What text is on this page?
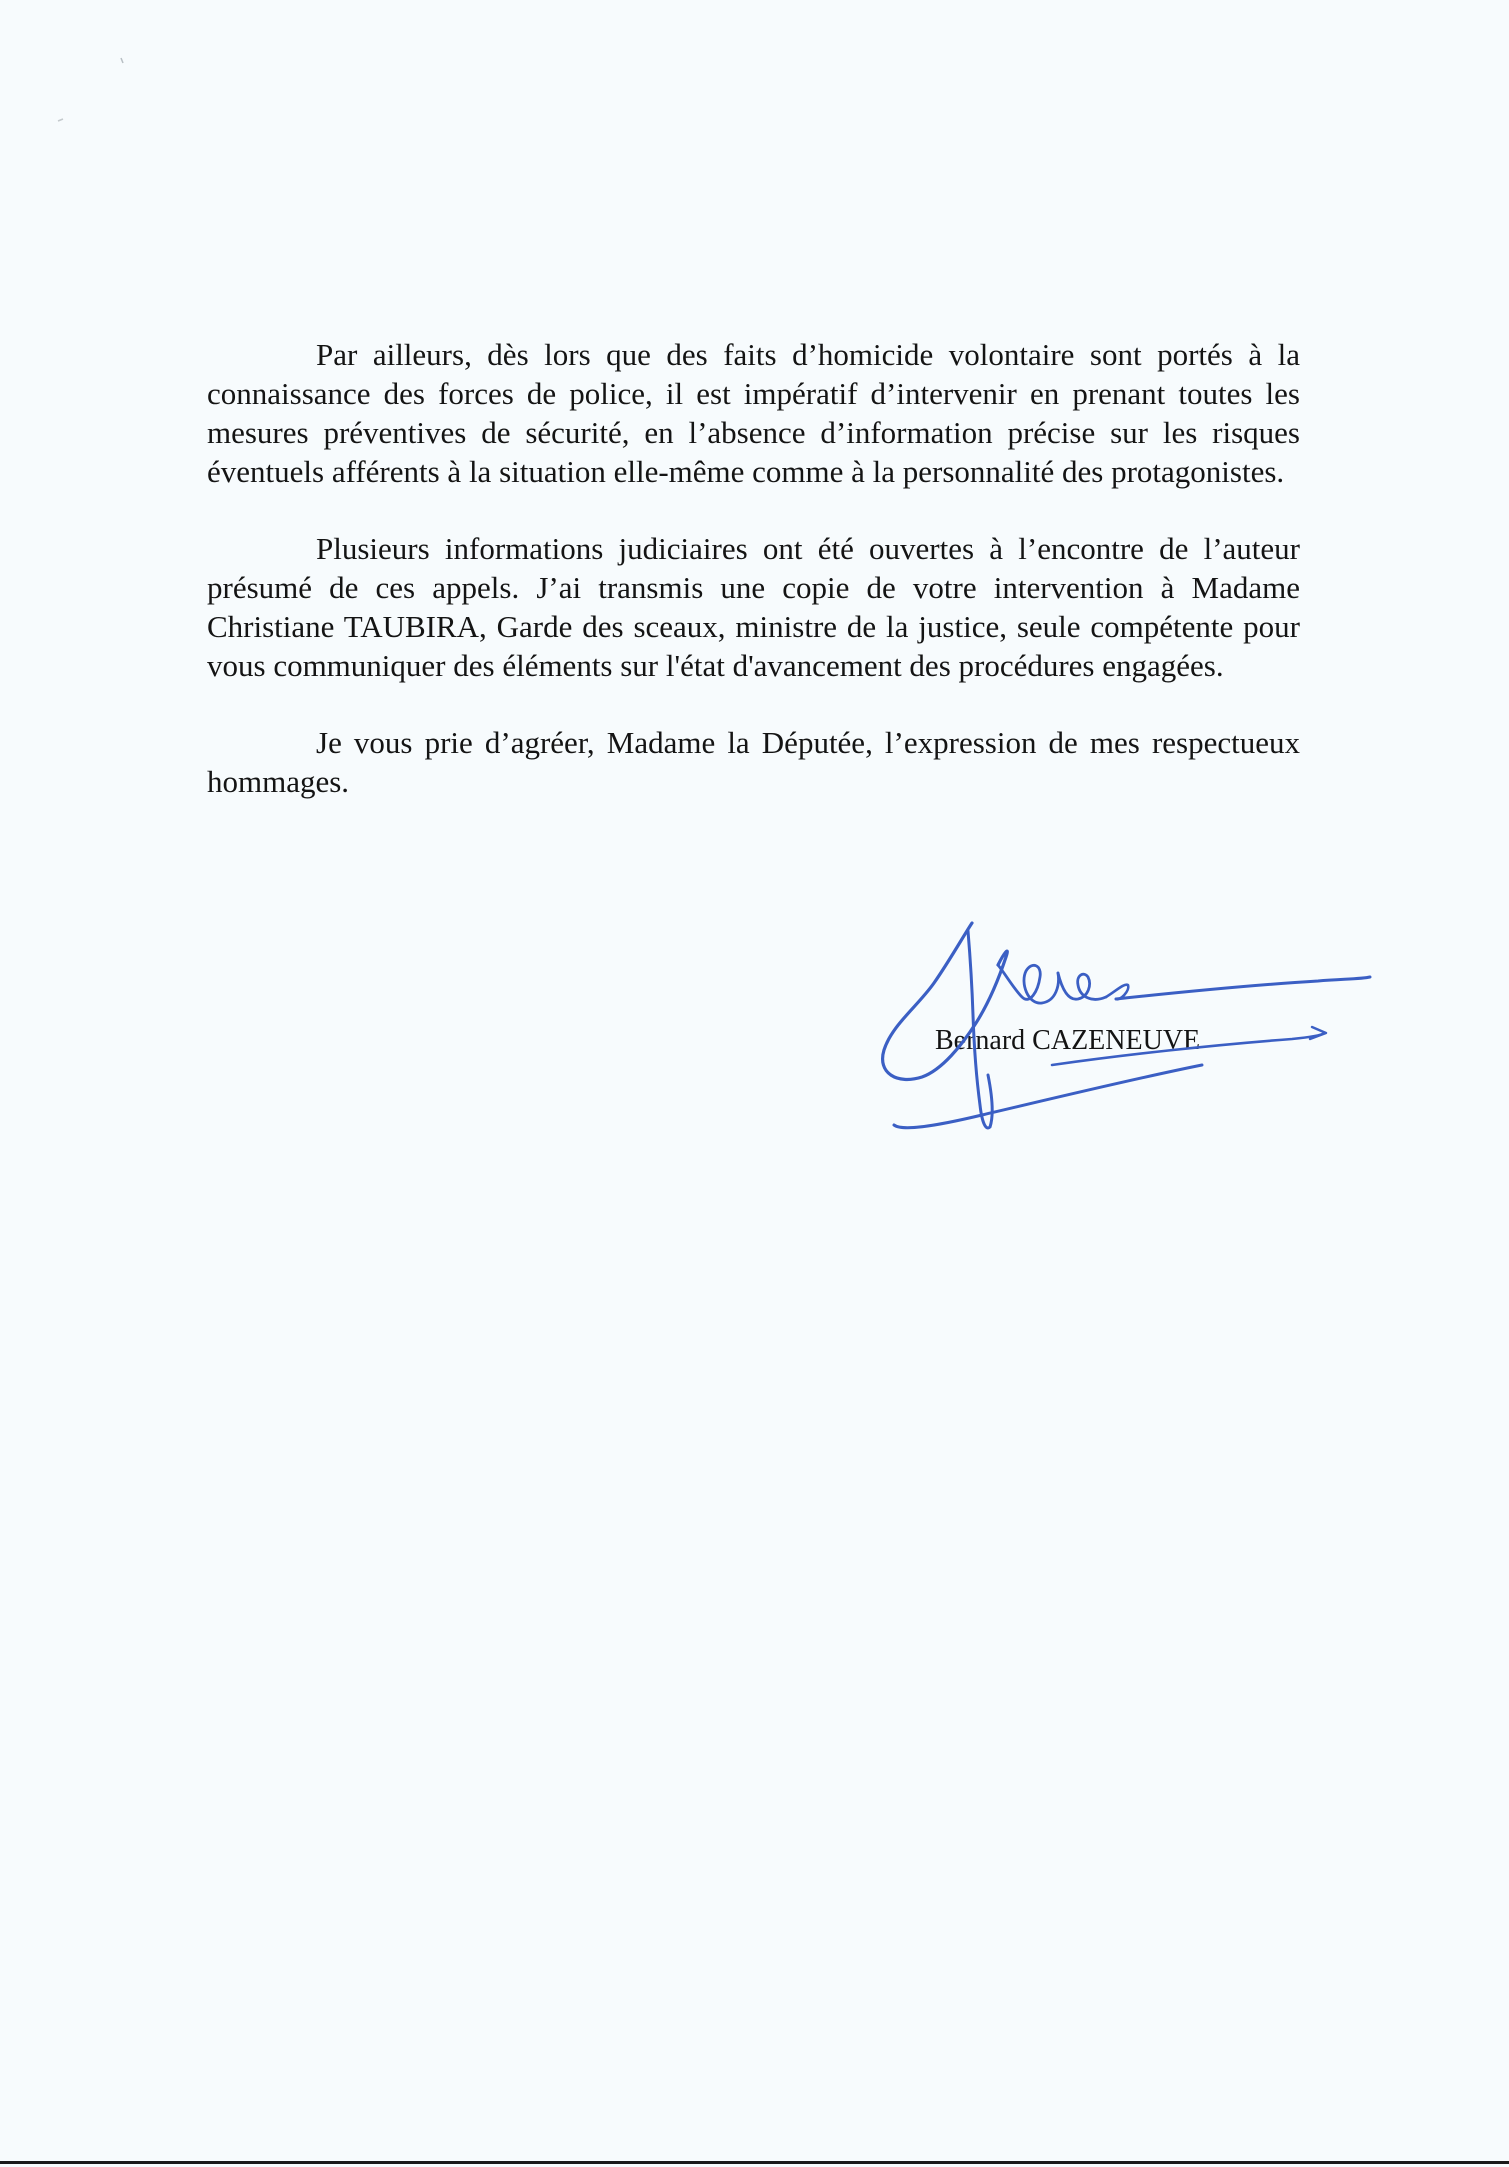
Par ailleurs, dès lors que des faits d’homicide volontaire sont portés à la connaissance des forces de police, il est impératif d’intervenir en prenant toutes les mesures préventives de sécurité, en l’absence d’information précise sur les risques éventuels afférents à la situation elle-même comme à la personnalité des protagonistes.

Plusieurs informations judiciaires ont été ouvertes à l’encontre de l’auteur présumé de ces appels. J’ai transmis une copie de votre intervention à Madame Christiane TAUBIRA, Garde des sceaux, ministre de la justice, seule compétente pour vous communiquer des éléments sur l'état d'avancement des procédures engagées.

Je vous prie d’agréer, Madame la Députée, l’expression de mes respectueux hommages.

Bernard CAZENEUVE
